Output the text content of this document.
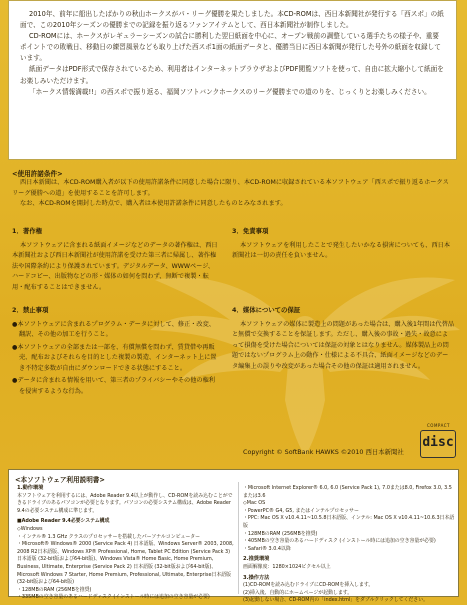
2010年、前年に船出したばかりの秋山ホークスがパ・リーグ優勝を果たしました。本CD-ROMは、西日本新聞社が発行する「西スポ」の紙面で、この2010年シーズンの優勝までの記録を振り返るファンアイテムとして、西日本新聞社が制作しました。

CD-ROMには、ホークスがレギュラーシーズンの試合に勝利した翌日紙面を中心に、オープン戦前の調整している選手たちの様子や、重要ポイントでの敗戦日、移動日の練習風景なども取り上げた西スポ1面の紙面データと、優勝当日に西日本新聞が発行した号外の紙面を収録しています。

紙面データはPDF形式で保存されているため、利用者はインターネットブラウザおよびPDF閲覧ソフトを使って、自由に拡大縮小して紙面をお楽しみいただけます。

「ホークス情報満載!!」の西スポで振り返る、福岡ソフトバンクホークスのリーグ優勝までの道のりを、じっくりとお楽しみください。

<使用許諾条件>

西日本新聞は、本CD-ROM購入者が以下の使用許諾条件に同意した場合に限り、本CD-ROMに収録されている本ソフトウェア「西スポで振り返るホークスリーグ優勝への道」を使用することを許可します。

なお、本CD-ROMを開封した時点で、購入者は本使用許諾条件に同意したものとみなされます。

1．著作権

本ソフトウェアに含まれる紙面イメージなどのデータの著作権は、西日本新聞社および西日本新聞社が使用許諾を受けた第三者に帰属し、著作権法や国際条約により保護されています。デジタルデータ、WWWページ、ハードコピー、出版物などの形・媒体の如何を問わず、無断で複製・転用・配布することはできません。

2．禁止事項

●本ソフトウェアに含まれるプログラム・データに対して、修正・改変、翻訳、その他の加工を行うこと。

●本ソフトウェアの全部または一部を、有償無償を問わず、賃貸借や再販売、配布およびそれらを目的とした複製の製造、インターネット上に置き不特定多数が自由にダウンロードできる状態にすること。

●データに含まれる情報を用いて、第三者のプライバシーやその他の権利を侵害するような行為。

3．免責事項

本ソフトウェアを利用したことで発生したいかなる損害についても、西日本新聞社は一切の責任を負いません。

4．媒体についての保証

本ソフトウェアの媒体に製造上の問題があった場合は、購入後1年間は代替品と無償で交換することを保証します。ただし、購入後の事故・過失・故意によって損傷を受けた場合については保証の対象とはなりません。媒体製品上の問題ではないプログラム上の動作・仕様による不具合、紙面イメージなどのデータ編集上の誤りや改変があった場合その他の保証は適用されません。

Copyright © SoftBank HAWKS ©2010 西日本新聞社
COMPACT
disc
<本ソフトウェア利用説明書>
1.動作環境

本ソフトウェアを利用するには、Adobe Reader 9.4以上が動作し、CD-ROMを読み込むことができるドライブのあるパソコンが必要となります。パソコンの必要システム構成は、Adobe Reader 9.4の必要システム構成に準じます。

■Adobe Reader 9.4必要システム構成

◇Windows

・インテル® 1.3 GHz クラスのプロセッサーを搭載したパーソナルコンピューター

・Microsoft® Windows® 2000 (Service Pack 4) 日本語版、Windows Server® 2003, 2008, 2008 R2日本語版、Windows XP® Professional, Home, Tablet PC Edition (Service Pack 3) 日本語版 (32-bit版および64-bit版)、Windows Vista® Home Basic, Home Premium, Business, Ultimate, Enterprise (Service Pack 2) 日本語版 (32-bit版および64-bit版)、Microsoft Windows 7 Starter, Home Premium, Professional, Ultimate, Enterprise日本語版 (32-bit版および64-bit版)

・128MBのRAM (256MBを推奨)

・335MBの空き容量のあるハードディスク (インストール時には追加の空き容量が必要)

・Microsoft Internet Explorer® 6.0, 6.0 (Service Pack 1), 7.0または8.0, Firefox 3.0, 3.5または3.6

◇Mac OS

・PowerPC® G4, G5, またはインテルプロセッサー

・PPC: Mac OS X v10.4.11~10.5.8日本語版、インテル: Mac OS X v10.4.11~10.6.3日本語版

・128MBのRAM (256MBを推奨)

・405MBの空き容量のあるハードディスク (インストール時には追加の空き容量が必要)

・Safari® 3.0.4以降

2.推奨環境

画面解像度：1280×1024ピクセル以上

3.操作方法

(1)CD-ROMを読み込むドライブにCD-ROMを挿入します。

(2)挿入後、自動的にホームページが起動します。

(3)起動しない場合、CD-ROM内の「index.html」をダブルクリックしてください。
